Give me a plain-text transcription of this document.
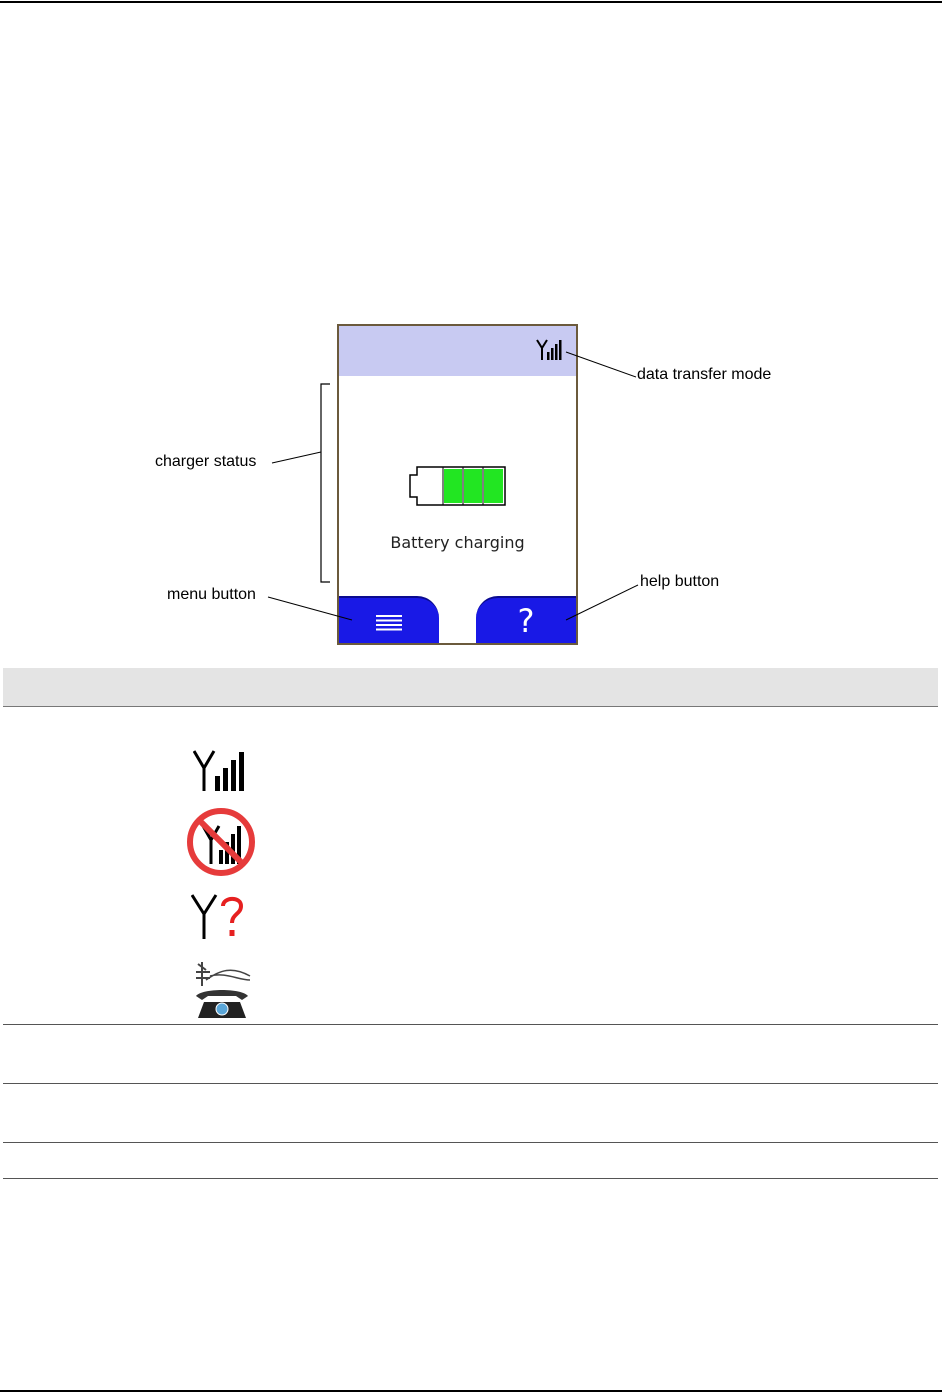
Battery charging
?
data transfer mode
charger status
menu button
help button
